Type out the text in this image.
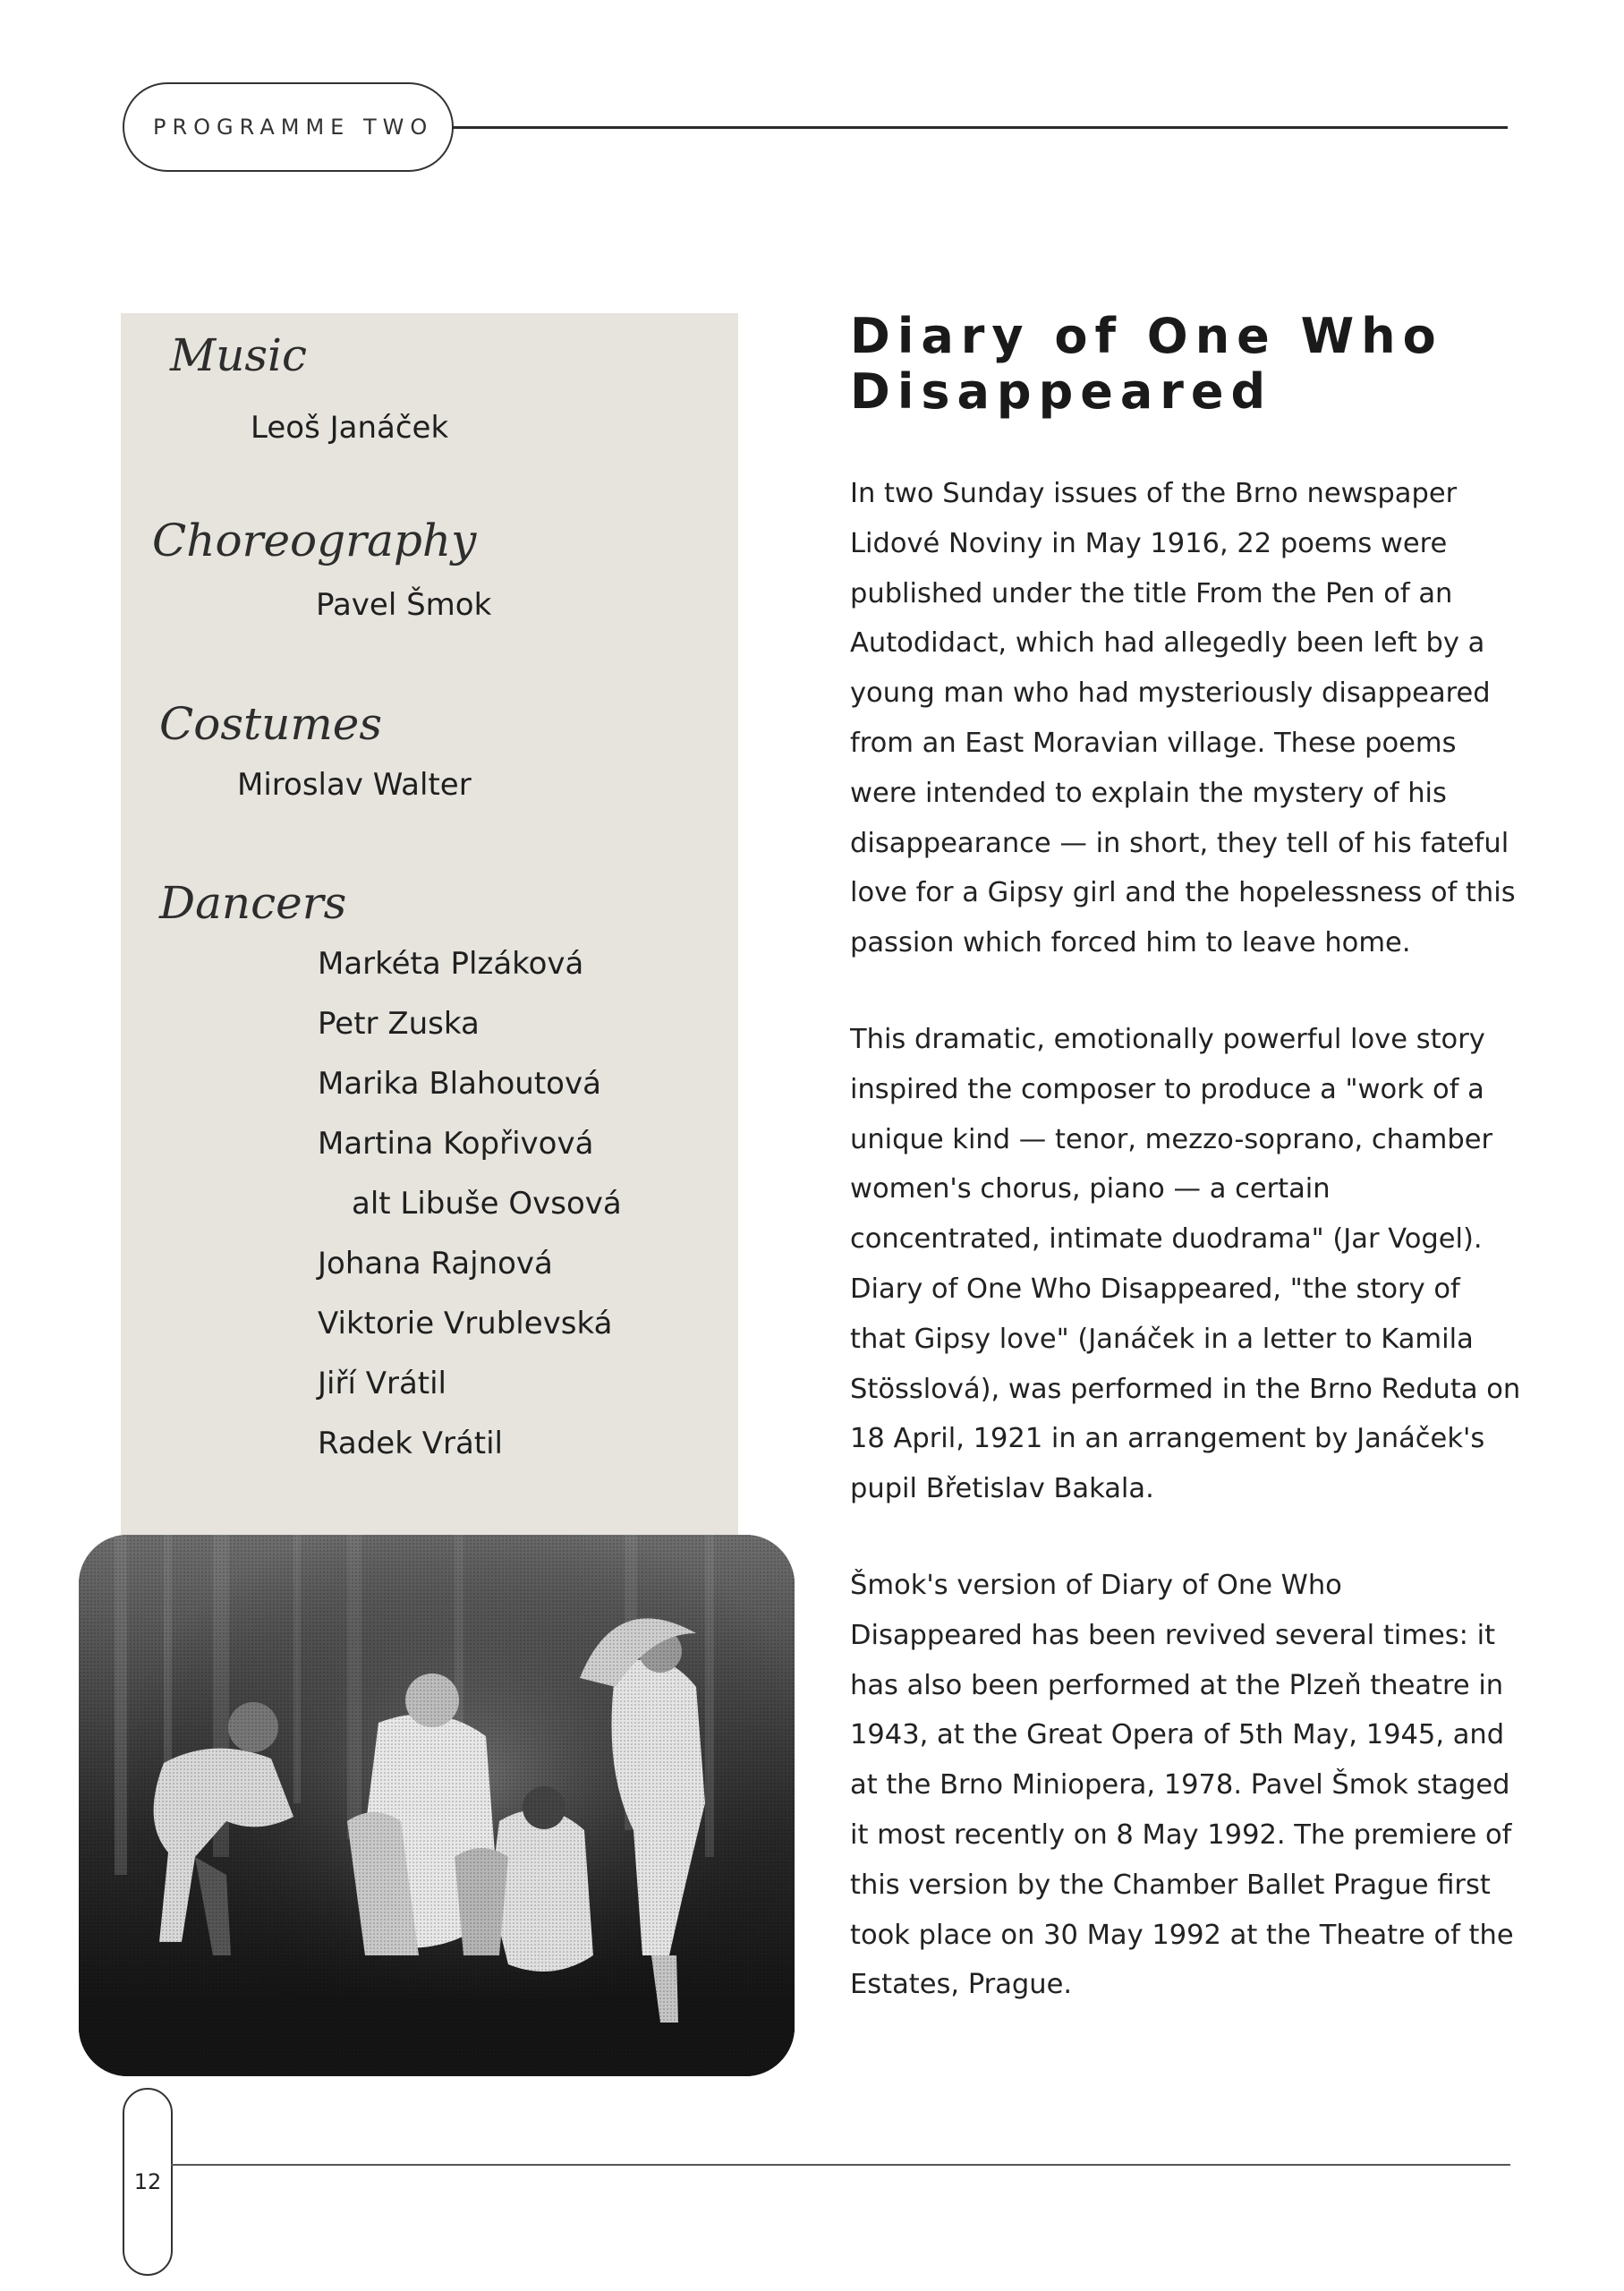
PROGRAMME TWO
Music

Leoš Janáček

Choreography

Pavel Šmok

Costumes

Miroslav Walter

Dancers
Markéta Plzáková
Petr Zuska
Marika Blahoutová
Martina Kopřivová
alt Libuše Ovsová
Johana Rajnová
Viktorie Vrublevská
Jiří Vrátil
Radek Vrátil
Diary of One Who Disappeared

In two Sunday issues of the Brno newspaper Lidové Noviny in May 1916, 22 poems were published under the title From the Pen of an Autodidact, which had allegedly been left by a young man who had mysteriously disappeared from an East Moravian village. These poems were intended to explain the mystery of his disappearance — in short, they tell of his fateful love for a Gipsy girl and the hopelessness of this passion which forced him to leave home.

This dramatic, emotionally powerful love story inspired the composer to produce a "work of a unique kind — tenor, mezzo-soprano, chamber women's chorus, piano — a certain concentrated, intimate duodrama" (Jar Vogel). Diary of One Who Disappeared, "the story of that Gipsy love" (Janáček in a letter to Kamila Stösslová), was performed in the Brno Reduta on 18 April, 1921 in an arrangement by Janáček's pupil Břetislav Bakala.

Šmok's version of Diary of One Who Disappeared has been revived several times: it has also been performed at the Plzeň theatre in 1943, at the Great Opera of 5th May, 1945, and at the Brno Miniopera, 1978. Pavel Šmok staged it most recently on 8 May 1992. The premiere of this version by the Chamber Ballet Prague first took place on 30 May 1992 at the Theatre of the Estates, Prague.

12
